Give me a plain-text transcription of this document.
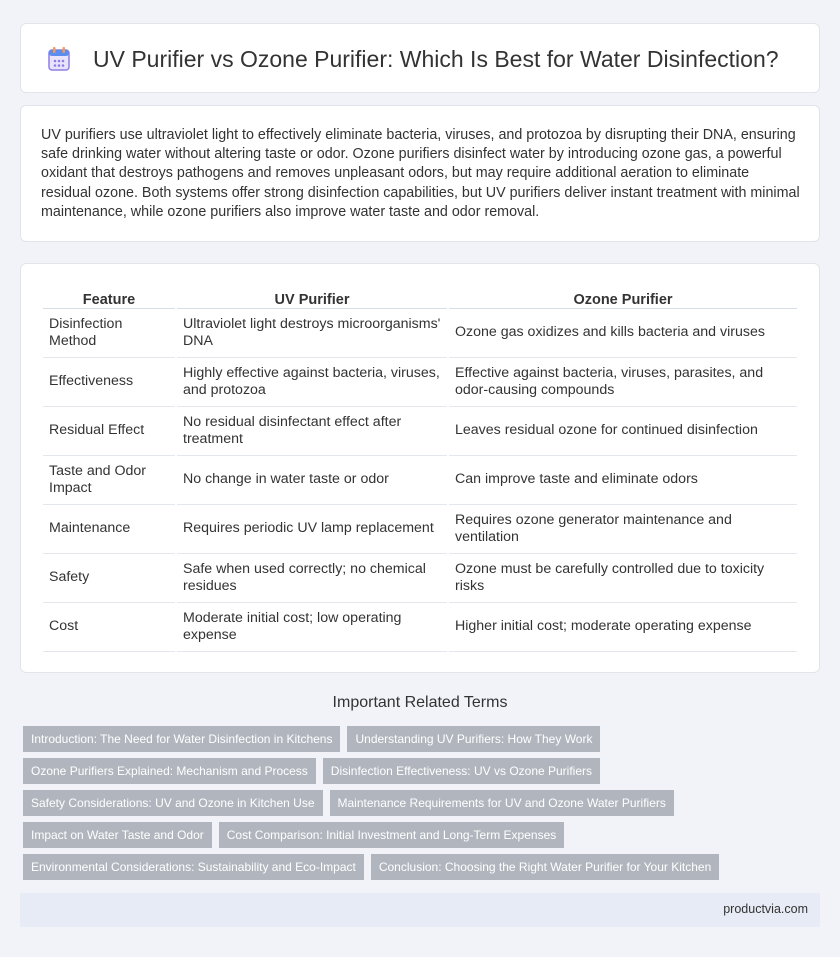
UV Purifier vs Ozone Purifier: Which Is Best for Water Disinfection?

UV purifiers use ultraviolet light to effectively eliminate bacteria, viruses, and protozoa by disrupting their DNA, ensuring safe drinking water without altering taste or odor. Ozone purifiers disinfect water by introducing ozone gas, a powerful oxidant that destroys pathogens and removes unpleasant odors, but may require additional aeration to eliminate residual ozone. Both systems offer strong disinfection capabilities, but UV purifiers deliver instant treatment with minimal maintenance, while ozone purifiers also improve water taste and odor removal.

Feature	UV Purifier	Ozone Purifier
Disinfection Method	Ultraviolet light destroys microorganisms' DNA	Ozone gas oxidizes and kills bacteria and viruses
Effectiveness	Highly effective against bacteria, viruses, and protozoa	Effective against bacteria, viruses, parasites, and odor-causing compounds
Residual Effect	No residual disinfectant effect after treatment	Leaves residual ozone for continued disinfection
Taste and Odor Impact	No change in water taste or odor	Can improve taste and eliminate odors
Maintenance	Requires periodic UV lamp replacement	Requires ozone generator maintenance and ventilation
Safety	Safe when used correctly; no chemical residues	Ozone must be carefully controlled due to toxicity risks
Cost	Moderate initial cost; low operating expense	Higher initial cost; moderate operating expense
Important Related Terms
Introduction: The Need for Water Disinfection in Kitchens	Understanding UV Purifiers: How They Work
Ozone Purifiers Explained: Mechanism and Process	Disinfection Effectiveness: UV vs Ozone Purifiers
Safety Considerations: UV and Ozone in Kitchen Use	Maintenance Requirements for UV and Ozone Water Purifiers
Impact on Water Taste and Odor	Cost Comparison: Initial Investment and Long-Term Expenses
Environmental Considerations: Sustainability and Eco-Impact	Conclusion: Choosing the Right Water Purifier for Your Kitchen
productvia.com
